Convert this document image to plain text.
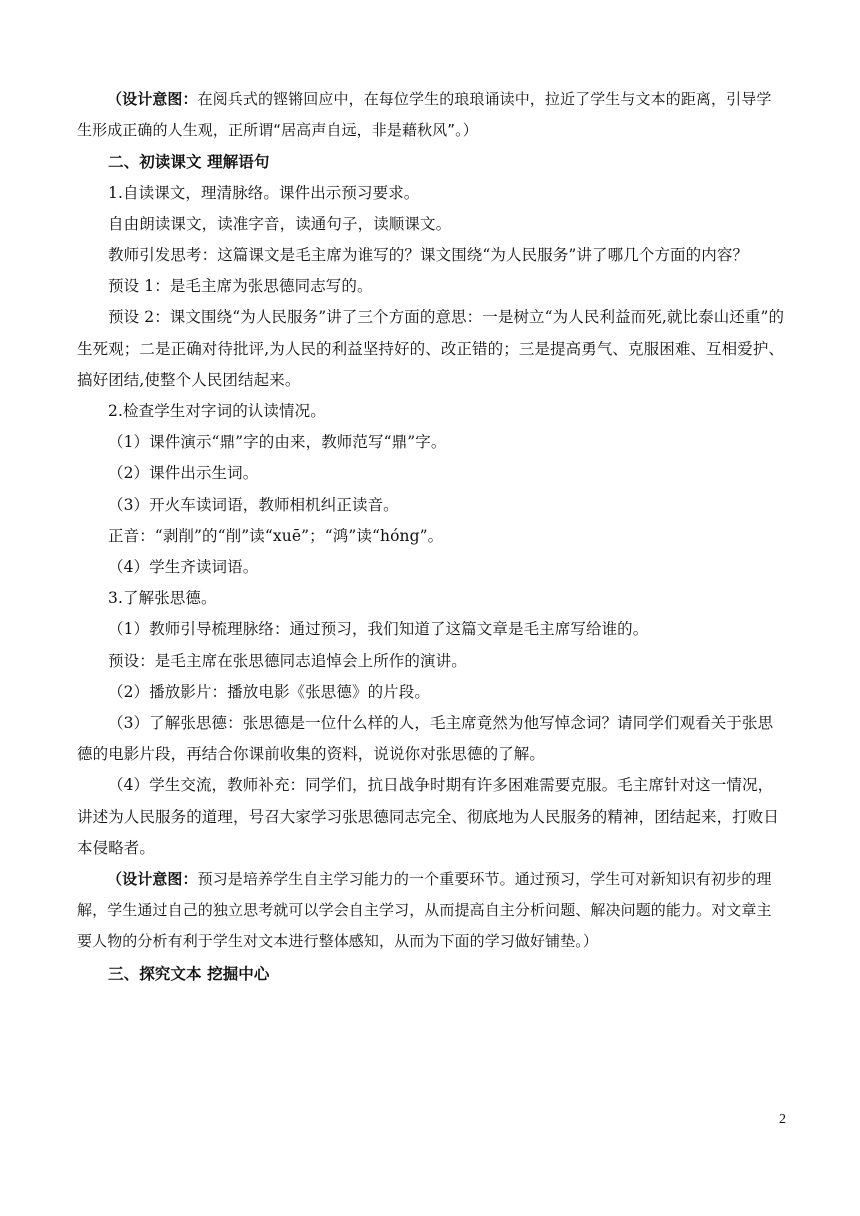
（设计意图：在阅兵式的铿锵回应中，在每位学生的琅琅诵读中，拉近了学生与文本的距离，引导学生形成正确的人生观，正所谓“居高声自远，非是藉秋风”。）

二、初读课文 理解语句

1.自读课文，理清脉络。课件出示预习要求。

自由朗读课文，读准字音，读通句子，读顺课文。

教师引发思考：这篇课文是毛主席为谁写的？课文围绕“为人民服务”讲了哪几个方面的内容？

预设 1：是毛主席为张思德同志写的。

预设 2：课文围绕“为人民服务”讲了三个方面的意思：一是树立“为人民利益而死,就比泰山还重”的生死观；二是正确对待批评,为人民的利益坚持好的、改正错的；三是提高勇气、克服困难、互相爱护、搞好团结,使整个人民团结起来。

2.检查学生对字词的认读情况。

（1）课件演示“鼎”字的由来，教师范写“鼎”字。

（2）课件出示生词。

（3）开火车读词语，教师相机纠正读音。

正音：“剥削”的“削”读“xuē”；“鸿”读“hóng”。

（4）学生齐读词语。

3.了解张思德。

（1）教师引导梳理脉络：通过预习，我们知道了这篇文章是毛主席写给谁的。

预设：是毛主席在张思德同志追悼会上所作的演讲。

（2）播放影片：播放电影《张思德》的片段。

（3）了解张思德：张思德是一位什么样的人，毛主席竟然为他写悼念词？请同学们观看关于张思德的电影片段，再结合你课前收集的资料，说说你对张思德的了解。

（4）学生交流，教师补充：同学们，抗日战争时期有许多困难需要克服。毛主席针对这一情况，讲述为人民服务的道理，号召大家学习张思德同志完全、彻底地为人民服务的精神，团结起来，打败日本侵略者。

（设计意图：预习是培养学生自主学习能力的一个重要环节。通过预习，学生可对新知识有初步的理解，学生通过自己的独立思考就可以学会自主学习，从而提高自主分析问题、解决问题的能力。对文章主要人物的分析有利于学生对文本进行整体感知，从而为下面的学习做好铺垫。）

三、探究文本 挖掘中心

2
